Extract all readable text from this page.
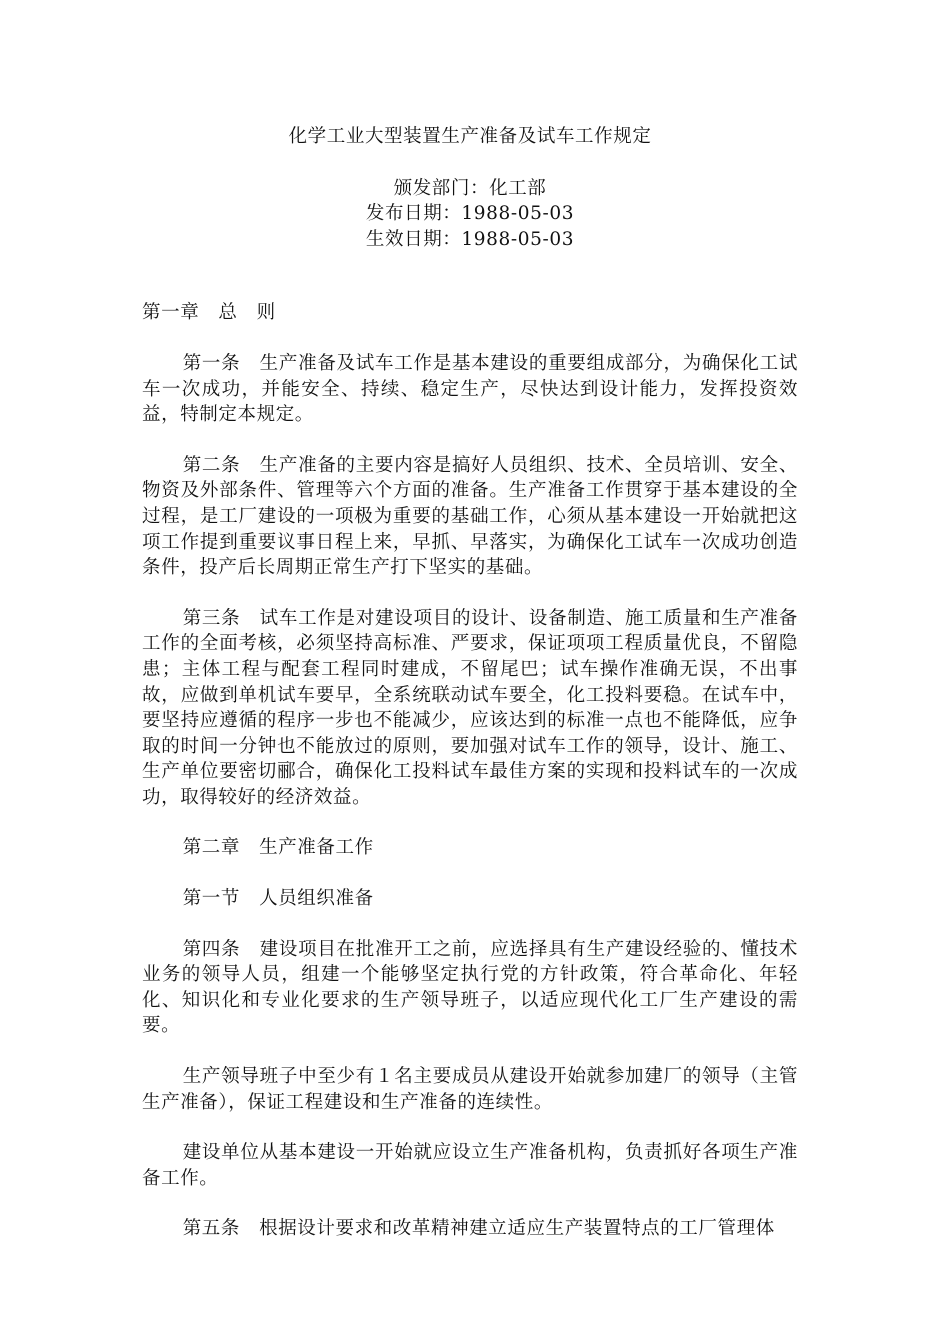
化学工业大型装置生产准备及试车工作规定

颁发部门：化工部

发布日期：1988-05-03

生效日期：1988-05-03

第一章　总　则

第一条　生产准备及试车工作是基本建设的重要组成部分，为确保化工试车一次成功，并能安全、持续、稳定生产，尽快达到设计能力，发挥投资效益，特制定本规定。

第二条　生产准备的主要内容是搞好人员组织、技术、全员培训、安全、物资及外部条件、管理等六个方面的准备。生产准备工作贯穿于基本建设的全过程，是工厂建设的一项极为重要的基础工作，心须从基本建设一开始就把这项工作提到重要议事日程上来，早抓、早落实，为确保化工试车一次成功创造条件，投产后长周期正常生产打下坚实的基础。

第三条　试车工作是对建设项目的设计、设备制造、施工质量和生产准备工作的全面考核，必须坚持高标准、严要求，保证项项工程质量优良，不留隐患；主体工程与配套工程同时建成，不留尾巴；试车操作准确无误，不出事故，应做到单机试车要早，全系统联动试车要全，化工投料要稳。在试车中，要坚持应遵循的程序一步也不能减少，应该达到的标准一点也不能降低，应争取的时间一分钟也不能放过的原则，要加强对试车工作的领导，设计、施工、生产单位要密切郦合，确保化工投料试车最佳方案的实现和投料试车的一次成功，取得较好的经济效益。

第二章　生产准备工作

第一节　人员组织准备

第四条　建设项目在批准开工之前，应选择具有生产建设经验的、懂技术业务的领导人员，组建一个能够坚定执行党的方针政策，符合革命化、年轻化、知识化和专业化要求的生产领导班子，以适应现代化工厂生产建设的需要。

生产领导班子中至少有１名主要成员从建设开始就参加建厂的领导（主管生产准备），保证工程建设和生产准备的连续性。

建设单位从基本建设一开始就应设立生产准备机构，负责抓好各项生产准备工作。

第五条　根据设计要求和改革精神建立适应生产装置特点的工厂管理体
